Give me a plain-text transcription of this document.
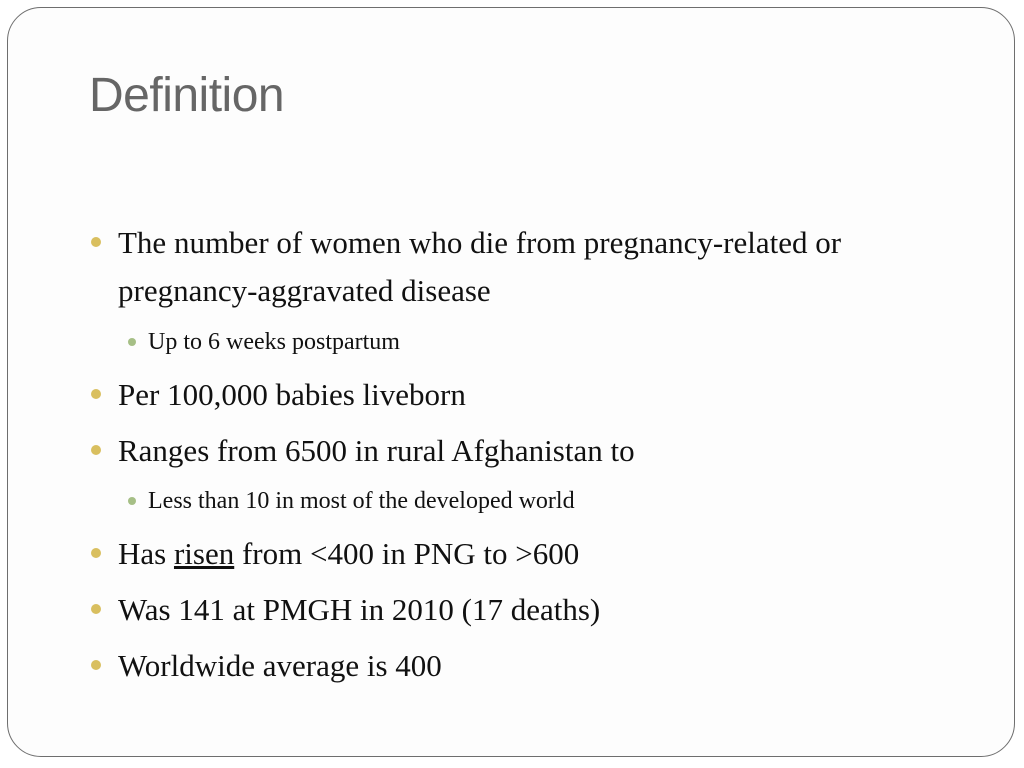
Definition
The number of women who die from pregnancy-related or pregnancy-aggravated disease
Up to 6 weeks postpartum
Per 100,000 babies liveborn
Ranges from 6500 in rural Afghanistan to
Less than 10 in most of the developed world
Has risen from <400 in PNG to >600
Was 141 at PMGH in 2010 (17 deaths)
Worldwide average is 400
